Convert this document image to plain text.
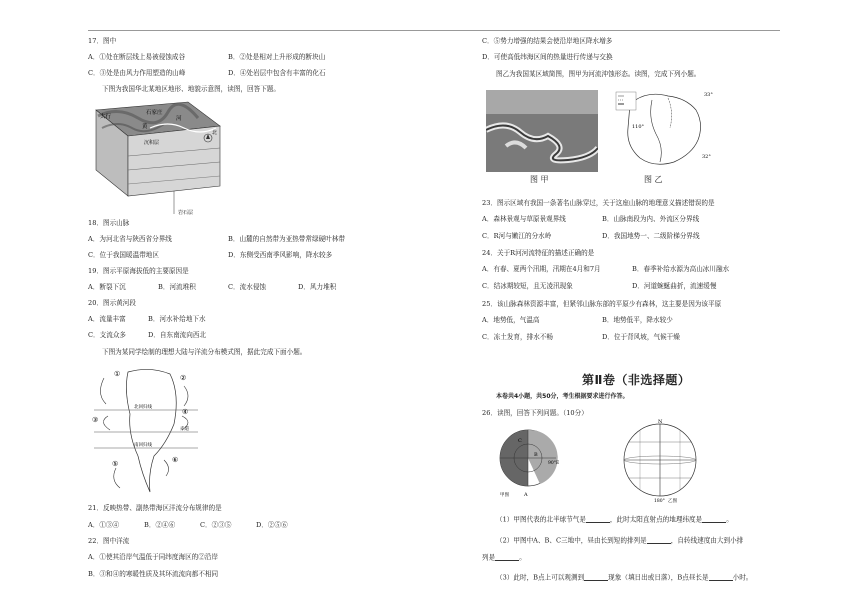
17．图中
A．①处在断层线上易被侵蚀成谷	B．②处是相对上升形成的断块山
C．③处是由风力作用塑造的山峰	D．④处岩层中包含有丰富的化石
下图为我国华北某地区地形、地貌示意图，读图，回答下题。
太行
石家庄
河
黄
沉积层
北
岩石层
18．图示山脉
A．为河北省与陕西省分界线	B．山麓的自然带为亚热带常绿硬叶林带
C．位于我国暖温带地区	D．东侧受西南季风影响，降水较多
19．图示平原海拔低的主要原因是
A．断裂下沉	B．河流堆积	C．流水侵蚀	D．风力堆积
20．图示黄河段
A．流量丰富	B．河水补给地下水
C．支流众多	D．自东南流向西北
下图为某同学绘制的理想大陆与洋流分布模式图，据此完成下面小题。
①	②
③
④
⑤	⑥
北回归线
赤道
南回归线
21．反映热带、副热带海区洋流分布规律的是
A．①③④	B．②④⑥	C．②③⑤	D．②⑤⑥
22．图中洋流
A．①使其沿岸气温低于同纬度海区的②沿岸
B．③和④的寒暖性质及其环流流向都不相同
C．⑤势力增强的结果会使沿岸地区降水増多
D．可使高低纬海区间的热量进行传递与交换
图乙为我国某区域简图，图甲为河流沖蚀形态。读图，完成下列小题。
图 甲
33°
110°
32°
图 乙
23．图示区域有我国一条著名山脉穿过，关于这座山脉的地理意义描述错误的是
A．森林景观与草原景观界线	B．山脉南段为内、外流区分界线
C．R河与嫩江的分水岭	D．我国地势一、二级阶梯分界线
24．关于R河河流特征的描述正确的是
A．有春、夏两个汛期，汛期在4月和7月	B．春季补给水源为高山冰川融水
C．结冰期较短，且无凌汛现象	D．河道蜿蜒曲折，流速缓慢
25．该山脉森林资源丰富，但紧邻山脉东部的平原少有森林，这主要是因为该平原
A．地势低，气温高	B．地势低平，降水较少
C．冻土发育，排水不畅	D．位于背风坡，气候干燥
第Ⅱ卷（非选择题）
本卷共4小题，共50分，考生根据要求进行作答。
26．读图，回答下列问题。（10分）
B
C
A
90°E
甲图
N
180° 乙图
（1）甲图代表的北半球节气是	，此时太阳直射点的地理纬度是	。
（2）甲图中A、B、C三地中，昼由长到短的排列是	，自转线速度由大到小排
列是	。
（3）此时，B点上可以观测到	现象（填日出或日落），B点昼长是	小时。
